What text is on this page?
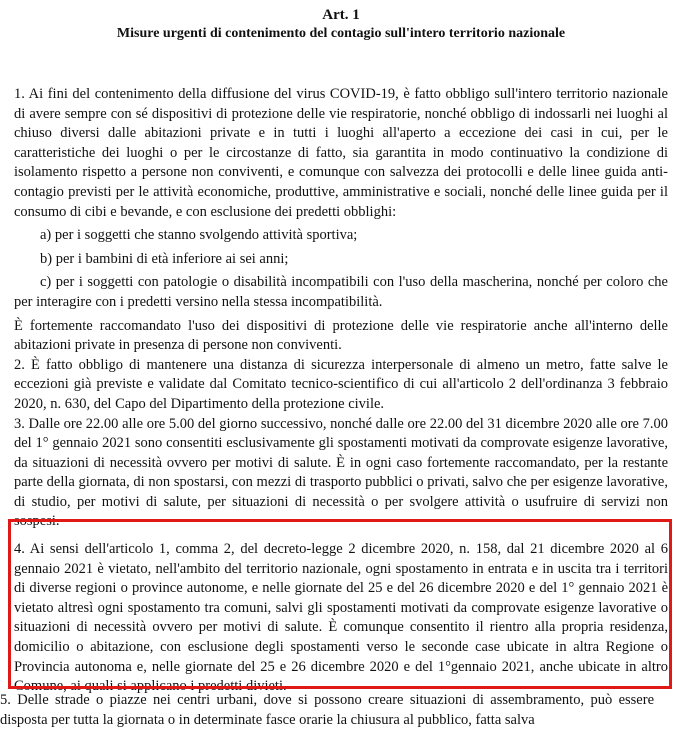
Art. 1

Misure urgenti di contenimento del contagio sull'intero territorio nazionale

1. Ai fini del contenimento della diffusione del virus COVID-19, è fatto obbligo sull'intero territorio nazionale di avere sempre con sé dispositivi di protezione delle vie respiratorie, nonché obbligo di indossarli nei luoghi al chiuso diversi dalle abitazioni private e in tutti i luoghi all'aperto a eccezione dei casi in cui, per le caratteristiche dei luoghi o per le circostanze di fatto, sia garantita in modo continuativo la condizione di isolamento rispetto a persone non conviventi, e comunque con salvezza dei protocolli e delle linee guida anti-contagio previsti per le attività economiche, produttive, amministrative e sociali, nonché delle linee guida per il consumo di cibi e bevande, e con esclusione dei predetti obblighi:

a) per i soggetti che stanno svolgendo attività sportiva;

b) per i bambini di età inferiore ai sei anni;

c) per i soggetti con patologie o disabilità incompatibili con l'uso della mascherina, nonché per coloro che per interagire con i predetti versino nella stessa incompatibilità.

È fortemente raccomandato l'uso dei dispositivi di protezione delle vie respiratorie anche all'interno delle abitazioni private in presenza di persone non conviventi.

2. È fatto obbligo di mantenere una distanza di sicurezza interpersonale di almeno un metro, fatte salve le eccezioni già previste e validate dal Comitato tecnico-scientifico di cui all'articolo 2 dell'ordinanza 3 febbraio 2020, n. 630, del Capo del Dipartimento della protezione civile.

3. Dalle ore 22.00 alle ore 5.00 del giorno successivo, nonché dalle ore 22.00 del 31 dicembre 2020 alle ore 7.00 del 1° gennaio 2021 sono consentiti esclusivamente gli spostamenti motivati da comprovate esigenze lavorative, da situazioni di necessità ovvero per motivi di salute. È in ogni caso fortemente raccomandato, per la restante parte della giornata, di non spostarsi, con mezzi di trasporto pubblici o privati, salvo che per esigenze lavorative, di studio, per motivi di salute, per situazioni di necessità o per svolgere attività o usufruire di servizi non sospesi.

4. Ai sensi dell'articolo 1, comma 2, del decreto-legge 2 dicembre 2020, n. 158, dal 21 dicembre 2020 al 6 gennaio 2021 è vietato, nell'ambito del territorio nazionale, ogni spostamento in entrata e in uscita tra i territori di diverse regioni o province autonome, e nelle giornate del 25 e del 26 dicembre 2020 e del 1° gennaio 2021 è vietato altresì ogni spostamento tra comuni, salvi gli spostamenti motivati da comprovate esigenze lavorative o situazioni di necessità ovvero per motivi di salute. È comunque consentito il rientro alla propria residenza, domicilio o abitazione, con esclusione degli spostamenti verso le seconde case ubicate in altra Regione o Provincia autonoma e, nelle giornate del 25 e 26 dicembre 2020 e del 1°gennaio 2021, anche ubicate in altro Comune, ai quali si applicano i predetti divieti.

5. Delle strade o piazze nei centri urbani, dove si possono creare situazioni di assembramento, può essere disposta per tutta la giornata o in determinate fasce orarie la chiusura al pubblico, fatta salva
